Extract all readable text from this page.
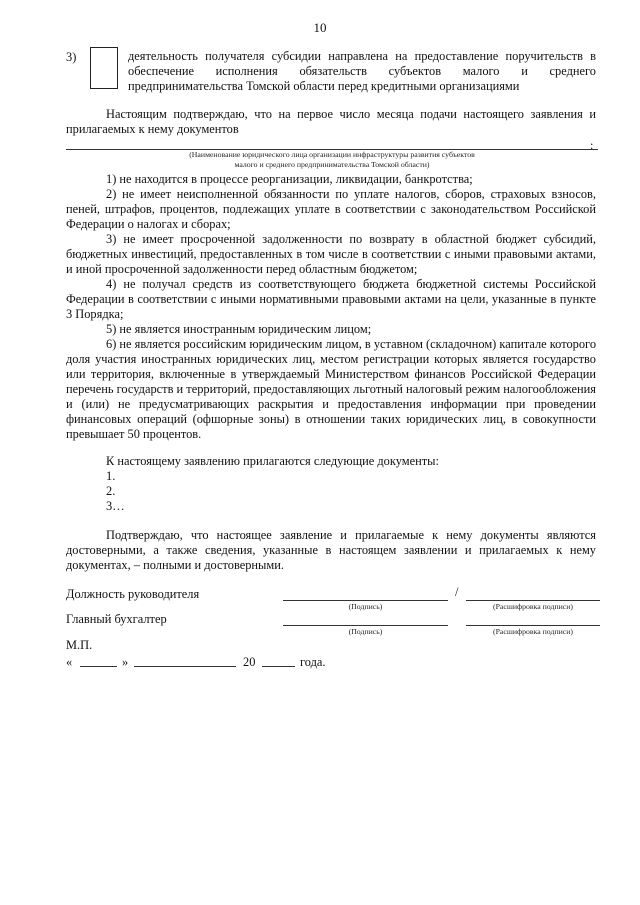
10
3)	деятельность получателя субсидии направлена на предоставление поручительств в обеспечение исполнения обязательств субъектов малого и среднего предпринимательства Томской области перед кредитными организациями
Настоящим подтверждаю, что на первое число месяца подачи настоящего заявления и прилагаемых к нему документов
:
(Наименование юридического лица организации инфраструктуры развития субъектов
малого и среднего предпринимательства Томской области)
1) не находится в процессе реорганизации, ликвидации, банкротства;
2) не имеет неисполненной обязанности по уплате налогов, сборов, страховых взносов, пеней, штрафов, процентов, подлежащих уплате в соответствии с законодательством Российской Федерации о налогах и сборах;
3) не имеет просроченной задолженности по возврату в областной бюджет субсидий, бюджетных инвестиций, предоставленных в том числе в соответствии с иными правовыми актами, и иной просроченной задолженности перед областным бюджетом;
4) не получал средств из соответствующего бюджета бюджетной системы Российской Федерации в соответствии с иными нормативными правовыми актами на цели, указанные в пункте 3 Порядка;
5) не является иностранным юридическим лицом;
6) не является российским юридическим лицом, в уставном (складочном) капитале которого доля участия иностранных юридических лиц, местом регистрации которых является государство или территория, включенные в утверждаемый Министерством финансов Российской Федерации перечень государств и территорий, предоставляющих льготный налоговый режим налогообложения и (или) не предусматривающих раскрытия и предоставления информации при проведении финансовых операций (офшорные зоны) в отношении таких юридических лиц, в совокупности превышает 50 процентов.
К настоящему заявлению прилагаются следующие документы:
1.
2.
3…
Подтверждаю, что настоящее заявление и прилагаемые к нему документы являются достоверными, а также сведения, указанные в настоящем заявлении и прилагаемых к нему документах, – полными и достоверными.
Должность руководителя	/
(Подпись)	(Расшифровка подписи)
Главный бухгалтер
(Подпись)	(Расшифровка подписи)
М.П.
«	»	20	года.
